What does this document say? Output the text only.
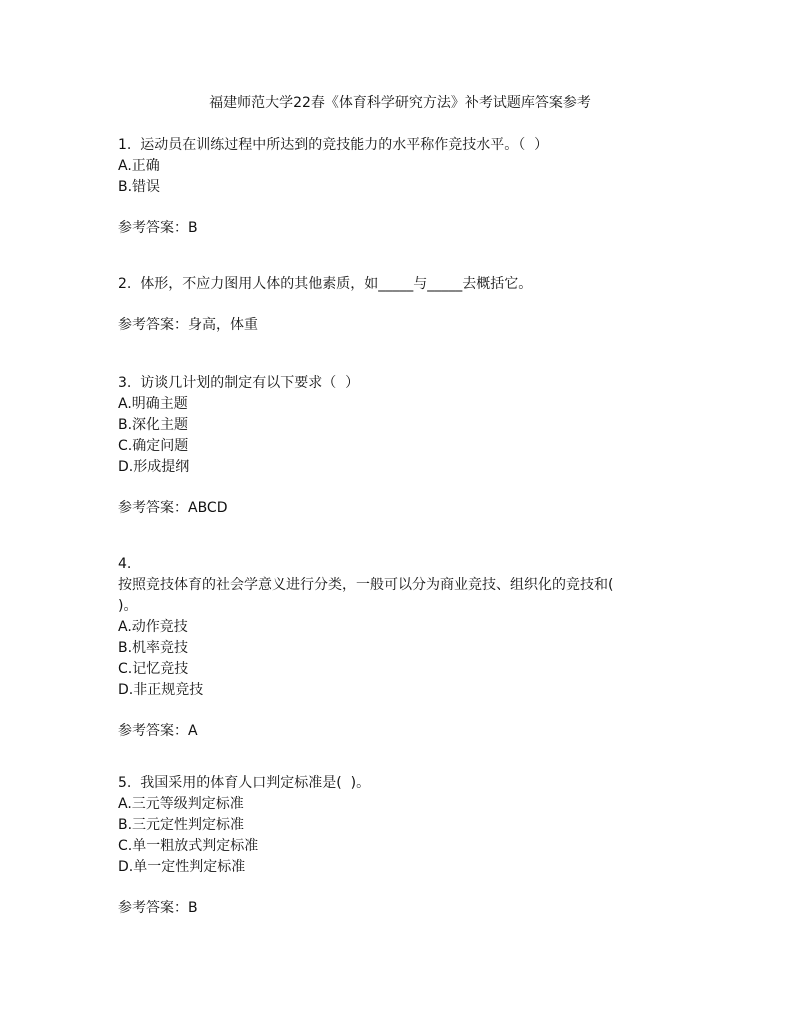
福建师范大学22春《体育科学研究方法》补考试题库答案参考
1. 运动员在训练过程中所达到的竞技能力的水平称作竞技水平。（  ）
A.正确
B.错误
参考答案：B
2. 体形，不应力图用人体的其他素质，如_____与_____去概括它。
参考答案：身高，体重
3. 访谈几计划的制定有以下要求（  ）
A.明确主题
B.深化主题
C.确定问题
D.形成提纲
参考答案：ABCD
4.
按照竞技体育的社会学意义进行分类，一般可以分为商业竞技、组织化的竞技和(
)。
A.动作竞技
B.机率竞技
C.记忆竞技
D.非正规竞技
参考答案：A
5. 我国采用的体育人口判定标准是(  )。
A.三元等级判定标准
B.三元定性判定标准
C.单一粗放式判定标准
D.单一定性判定标准
参考答案：B
